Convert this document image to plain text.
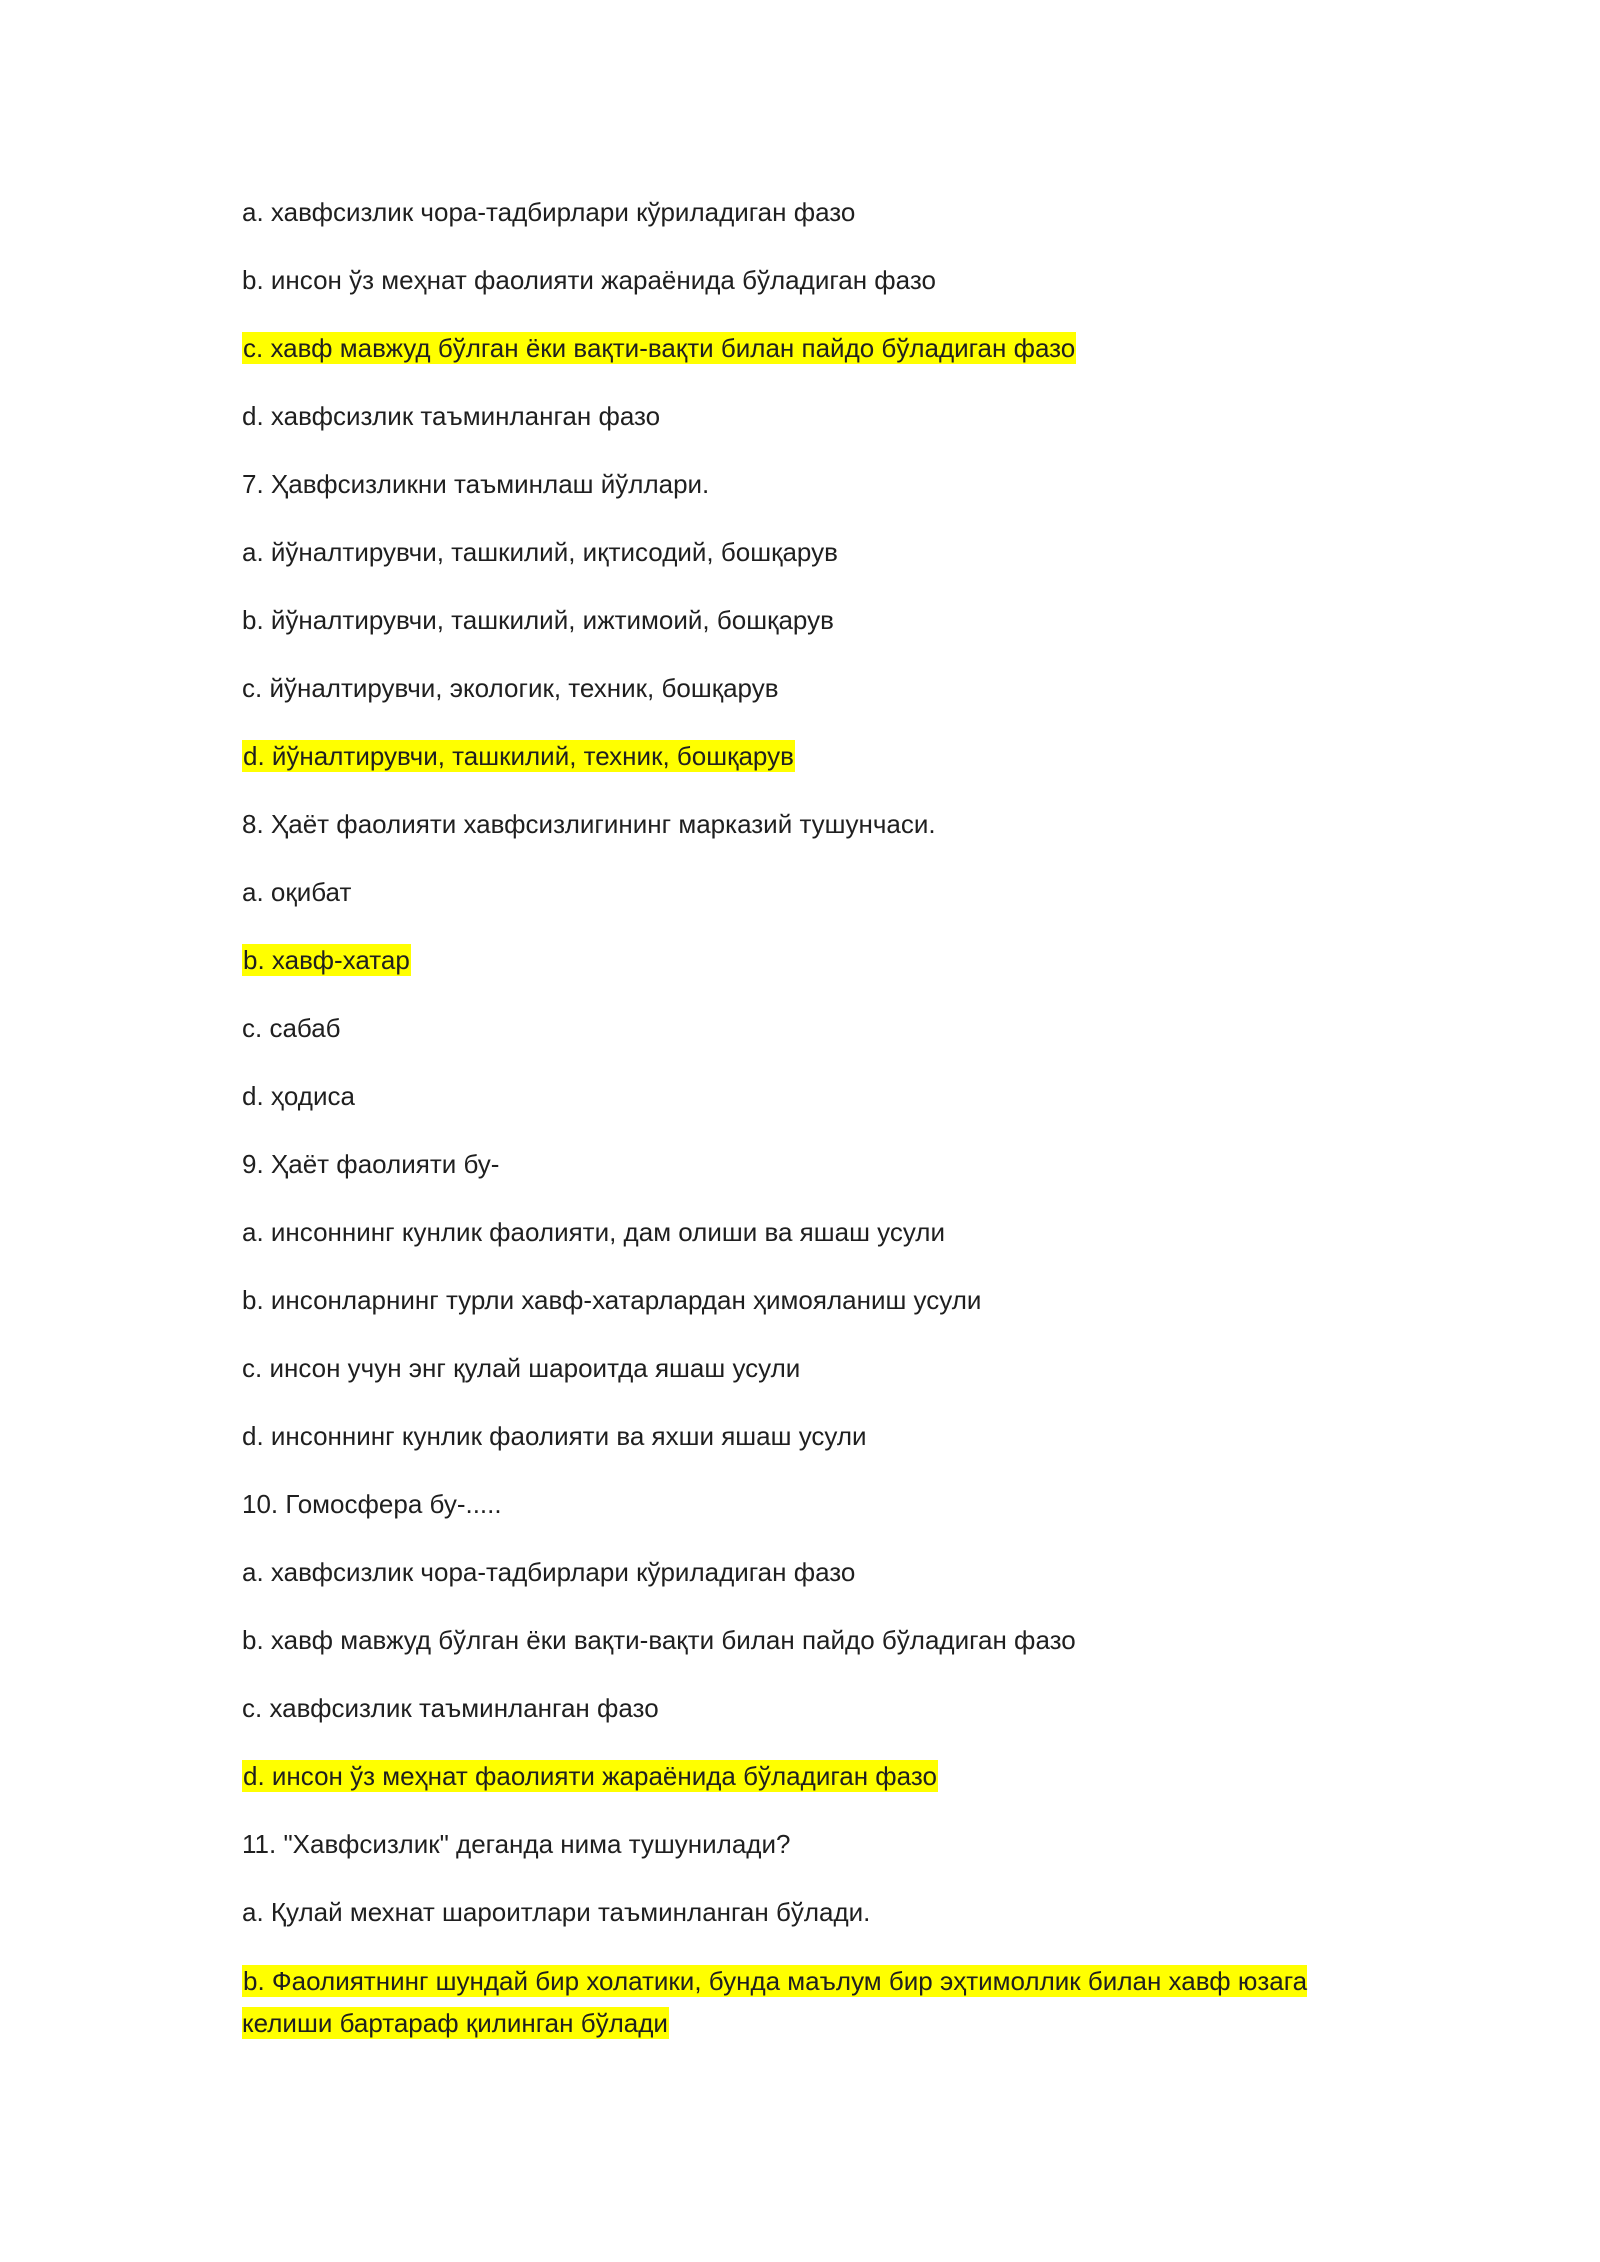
a. хавфсизлик чора-тадбирлари кўриладиган фазо

b. инсон ўз меҳнат фаолияти жараёнида бўладиган фазо

c. хавф мавжуд бўлган ёки вақти-вақти билан пайдо бўладиган фазо

d. хавфсизлик таъминланган фазо

7. Ҳавфсизликни таъминлаш йўллари.

a. йўналтирувчи, ташкилий, иқтисодий, бошқарув

b. йўналтирувчи, ташкилий, ижтимоий, бошқарув

c. йўналтирувчи, экологик, техник, бошқарув

d. йўналтирувчи, ташкилий, техник, бошқарув

8. Ҳаёт фаолияти хавфсизлигининг марказий тушунчаси.

a. оқибат

b. хавф-хатар

c. сабаб

d. ҳодиса

9. Ҳаёт фаолияти бу-

a. инсоннинг кунлик фаолияти, дам олиши ва яшаш усули

b. инсонларнинг турли хавф-хатарлардан ҳимояланиш усули

c. инсон учун энг қулай шароитда яшаш усули

d. инсоннинг кунлик фаолияти ва яхши яшаш усули

10. Гомосфера бу-.....

a. хавфсизлик чора-тадбирлари кўриладиган фазо

b. хавф мавжуд бўлган ёки вақти-вақти билан пайдо бўладиган фазо

c. хавфсизлик таъминланган фазо

d. инсон ўз меҳнат фаолияти жараёнида бўладиган фазо

11. "Хавфсизлик" деганда нима тушунилади?

a. Қулай мехнат шароитлари таъминланган бўлади.

b. Фаолиятнинг шундай бир холатики, бунда маълум бир эҳтимоллик билан хавф юзага келиши бартараф қилинган бўлади
